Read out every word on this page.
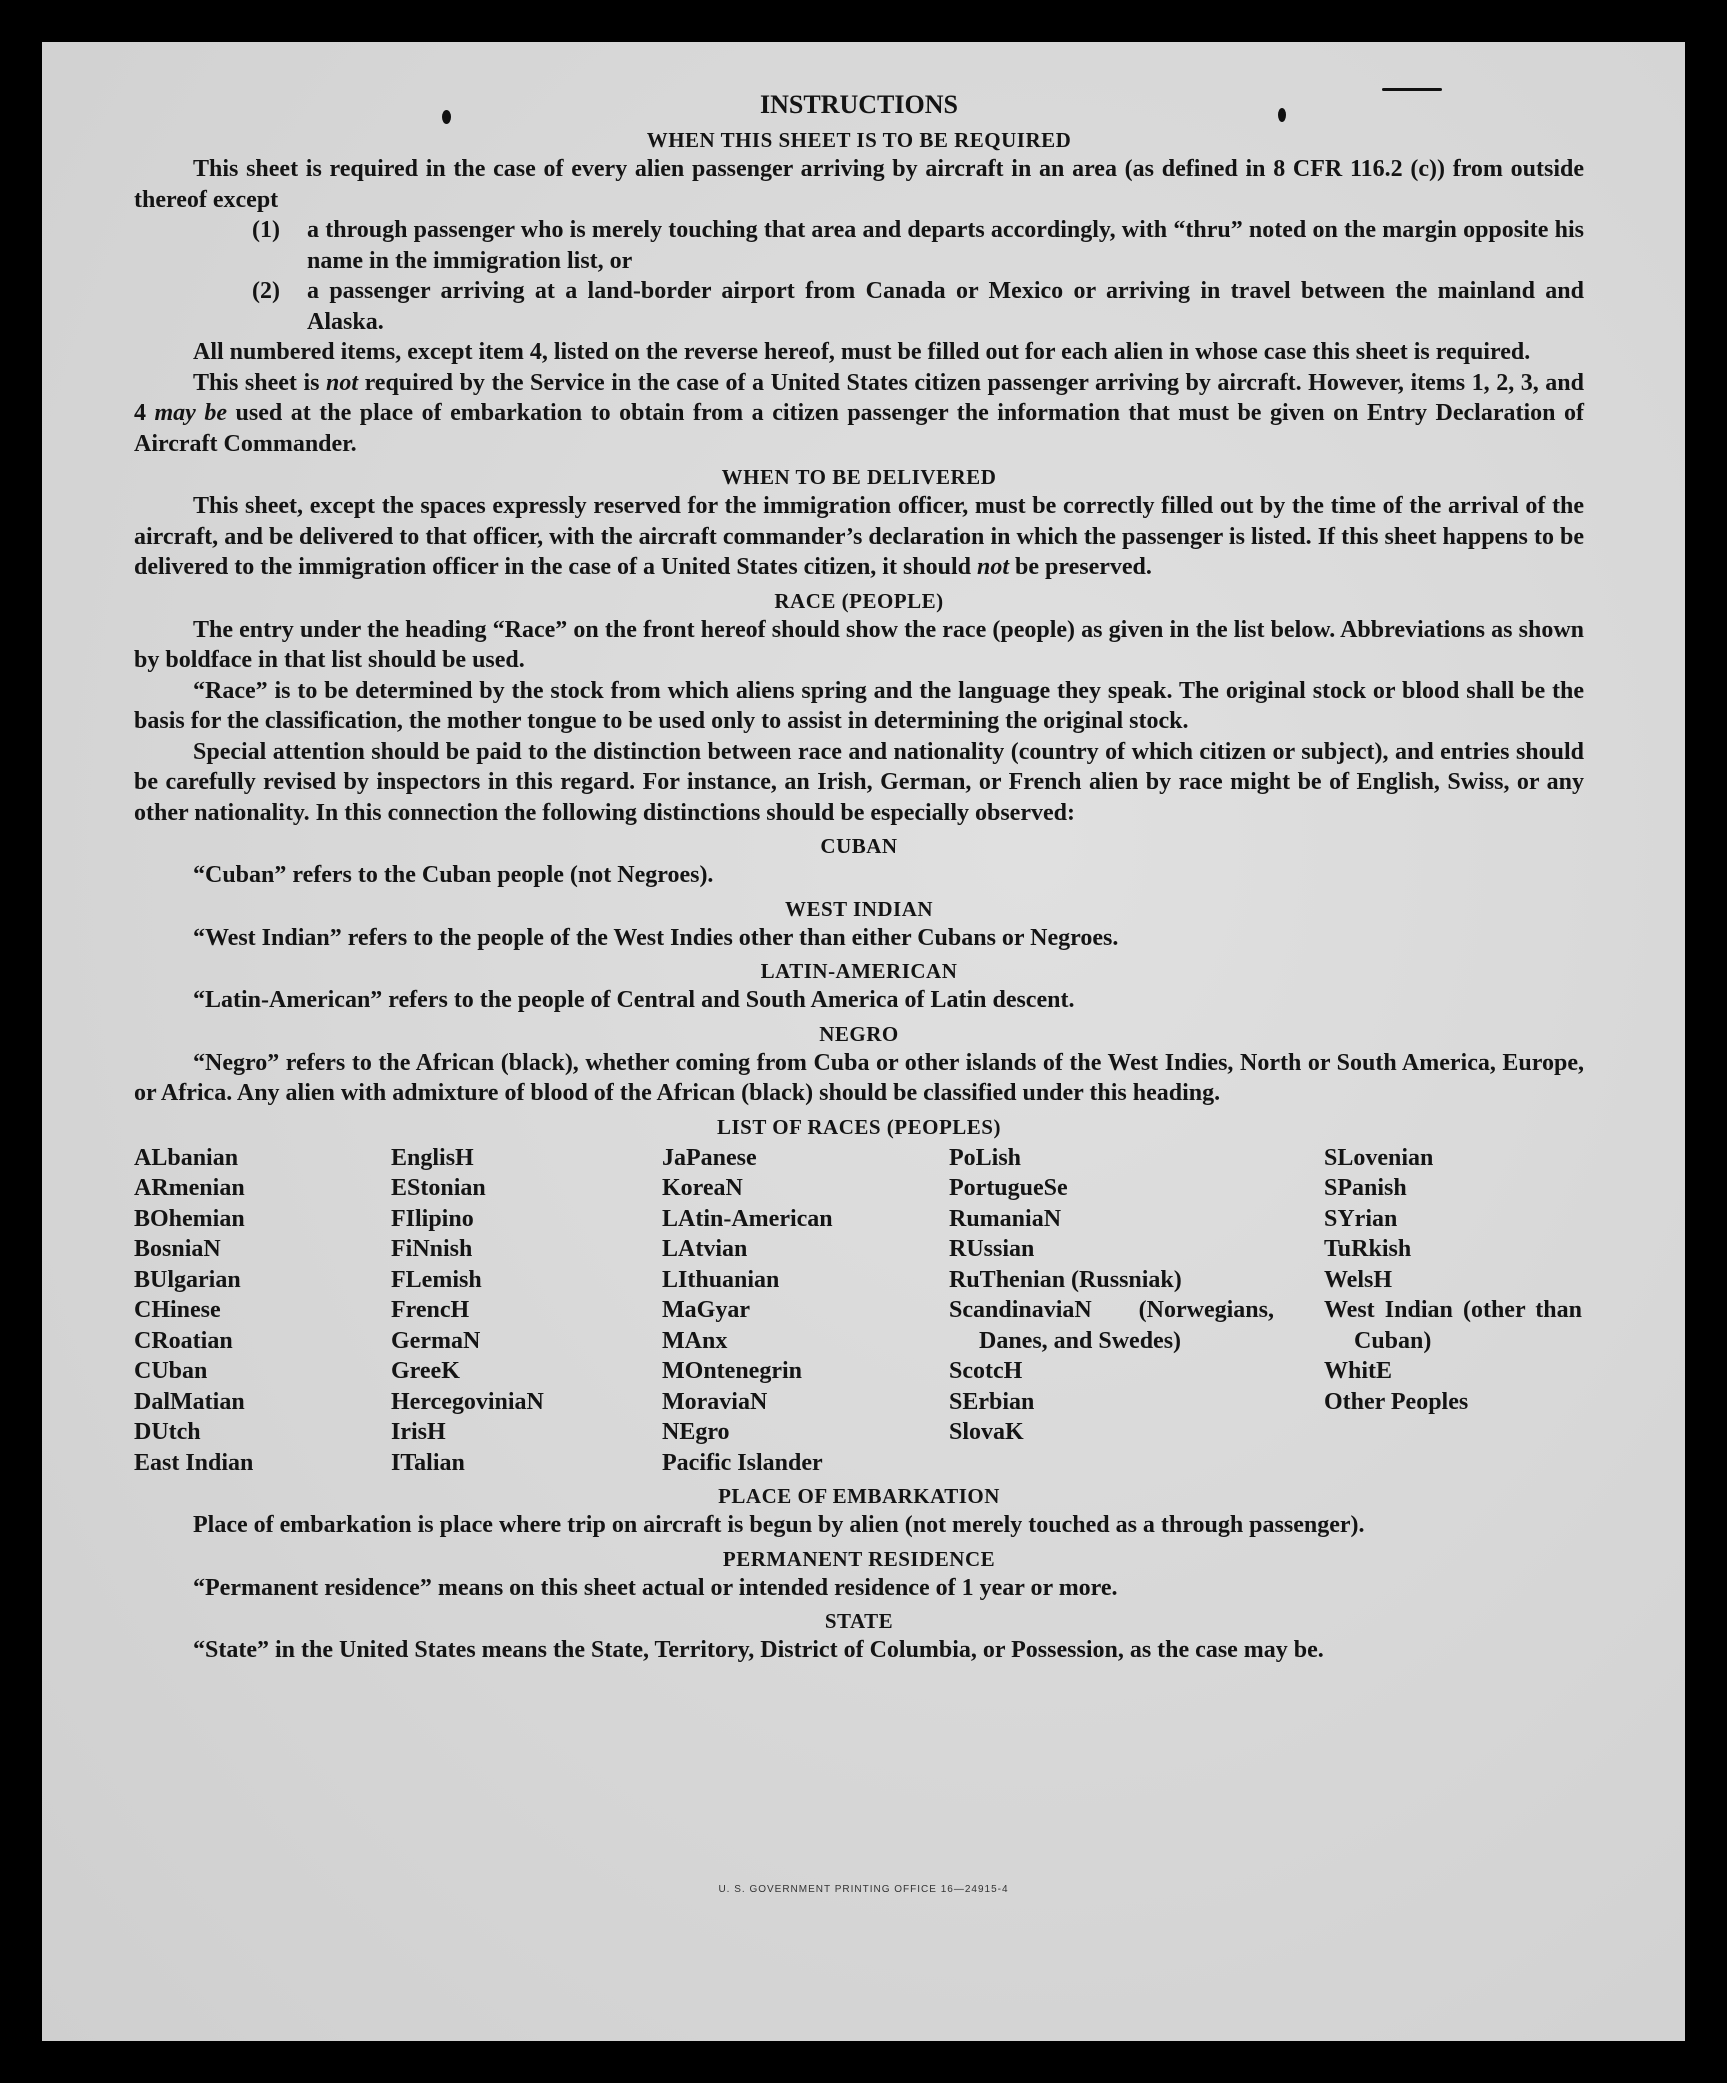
INSTRUCTIONS
WHEN THIS SHEET IS TO BE REQUIRED
This sheet is required in the case of every alien passenger arriving by aircraft in an area (as defined in 8 CFR 116.2 (c)) from outside thereof except
(1)	a through passenger who is merely touching that area and departs accordingly, with “thru” noted on the margin opposite his name in the immigration list, or
(2)	a passenger arriving at a land-border airport from Canada or Mexico or arriving in travel between the mainland and Alaska.
All numbered items, except item 4, listed on the reverse hereof, must be filled out for each alien in whose case this sheet is required.
This sheet is not required by the Service in the case of a United States citizen passenger arriving by aircraft. However, items 1, 2, 3, and 4 may be used at the place of embarkation to obtain from a citizen passenger the information that must be given on Entry Declaration of Aircraft Commander.
WHEN TO BE DELIVERED
This sheet, except the spaces expressly reserved for the immigration officer, must be correctly filled out by the time of the arrival of the aircraft, and be delivered to that officer, with the aircraft commander’s declaration in which the passenger is listed. If this sheet happens to be delivered to the immigration officer in the case of a United States citizen, it should not be preserved.
RACE (PEOPLE)
The entry under the heading “Race” on the front hereof should show the race (people) as given in the list below. Abbreviations as shown by boldface in that list should be used.
“Race” is to be determined by the stock from which aliens spring and the language they speak. The original stock or blood shall be the basis for the classification, the mother tongue to be used only to assist in determining the original stock.
Special attention should be paid to the distinction between race and nationality (country of which citizen or subject), and entries should be carefully revised by inspectors in this regard. For instance, an Irish, German, or French alien by race might be of English, Swiss, or any other nationality. In this connection the following distinctions should be especially observed:
CUBAN
“Cuban” refers to the Cuban people (not Negroes).
WEST INDIAN
“West Indian” refers to the people of the West Indies other than either Cubans or Negroes.
LATIN-AMERICAN
“Latin-American” refers to the people of Central and South America of Latin descent.
NEGRO
“Negro” refers to the African (black), whether coming from Cuba or other islands of the West Indies, North or South America, Europe, or Africa. Any alien with admixture of blood of the African (black) should be classified under this heading.
LIST OF RACES (PEOPLES)
ALbanian
ARmenian
BOhemian
BosniaN
BUlgarian
CHinese
CRoatian
CUban
DalMatian
DUtch
East Indian
EnglisH
EStonian
FIlipino
FiNnish
FLemish
FrencH
GermaN
GreeK
HercegoviniaN
IrisH
ITalian
JaPanese
KoreaN
LAtin-American
LAtvian
LIthuanian
MaGyar
MAnx
MOntenegrin
MoraviaN
NEgro
Pacific Islander
PoLish
PortugueSe
RumaniaN
RUssian
RuThenian (Russniak)
ScandinaviaN (Norwegians, Danes, and Swedes)
ScotcH
SErbian
SlovaK
SLovenian
SPanish
SYrian
TuRkish
WelsH
West Indian (other than Cuban)
WhitE
Other Peoples
PLACE OF EMBARKATION
Place of embarkation is place where trip on aircraft is begun by alien (not merely touched as a through passenger).
PERMANENT RESIDENCE
“Permanent residence” means on this sheet actual or intended residence of 1 year or more.
STATE
“State” in the United States means the State, Territory, District of Columbia, or Possession, as the case may be.
U. S. GOVERNMENT PRINTING OFFICE 16—24915-4
